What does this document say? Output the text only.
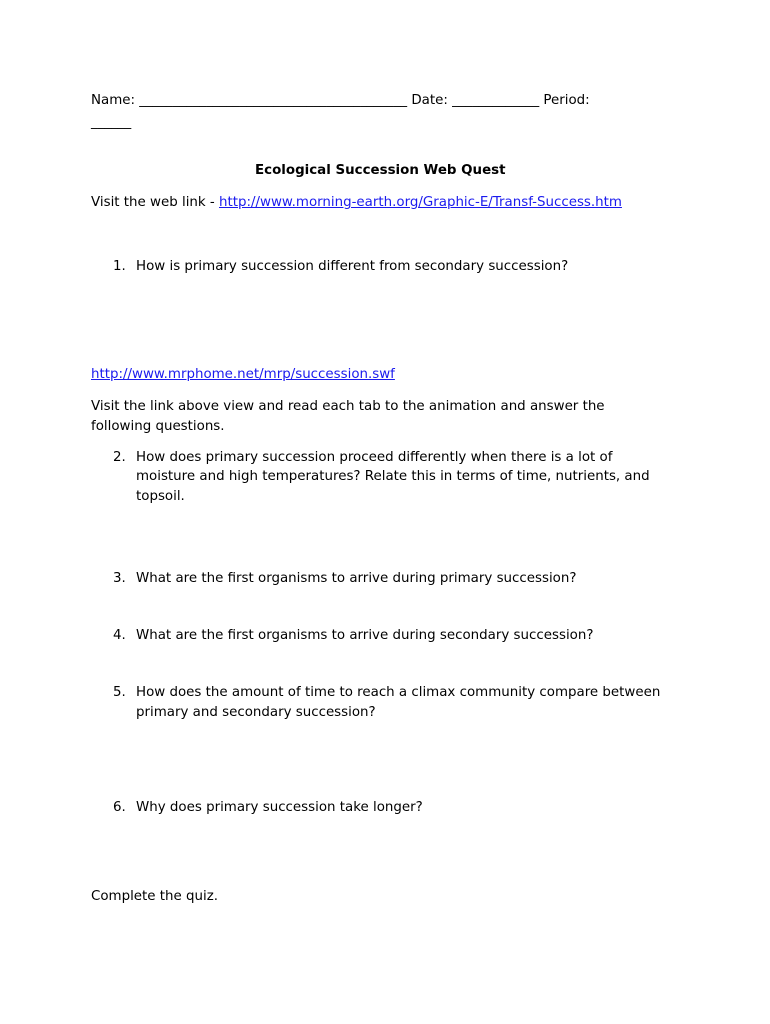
Name: ________________________________________ Date: _____________ Period:
______
Ecological Succession Web Quest
Visit the web link - http://www.morning-earth.org/Graphic-E/Transf-Success.htm
1. How is primary succession different from secondary succession?
http://www.mrphome.net/mrp/succession.swf
Visit the link above view and read each tab to the animation and answer the
following questions.
2. How does primary succession proceed differently when there is a lot of
moisture and high temperatures? Relate this in terms of time, nutrients, and
topsoil.
3. What are the first organisms to arrive during primary succession?
4. What are the first organisms to arrive during secondary succession?
5. How does the amount of time to reach a climax community compare between
primary and secondary succession?
6. Why does primary succession take longer?
Complete the quiz.
